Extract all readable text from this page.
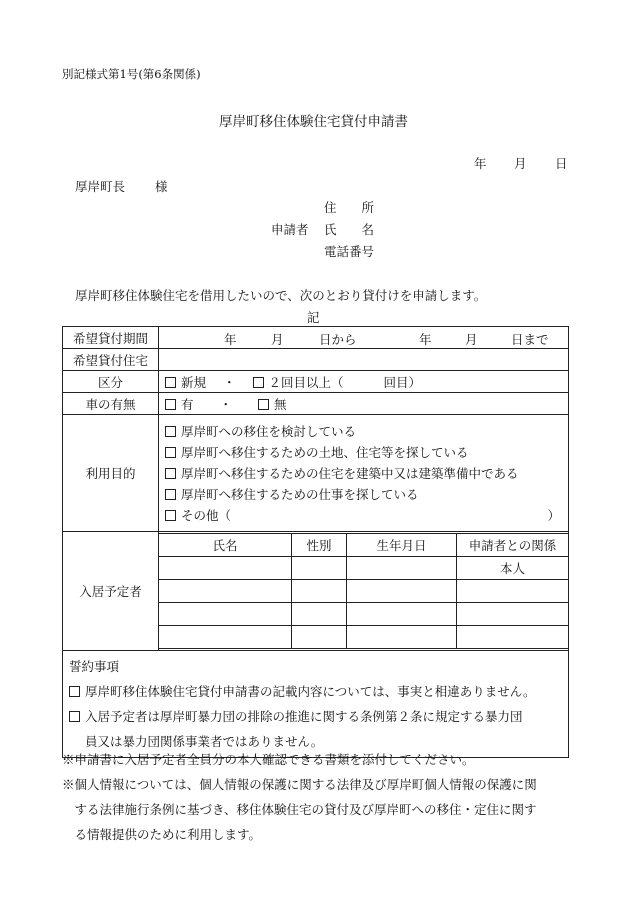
別記様式第1号(第6条関係)
厚岸町移住体験住宅貸付申請書
年 月 日
厚岸町長 様
住　　所
申請者 氏　　名
電話番号
厚岸町移住体験住宅を借用したいので、次のとおり貸付けを申請します。
記
希望貸付期間	年	月	日から	年	月	日まで

希望貸付住宅	
区分	新規 ・	２回目以上（	回目）
車の有無	有 ・	無
利用目的	
厚岸町への移住を検討している
厚岸町へ移住するための土地、住宅等を探している
厚岸町へ移住するための住宅を建築中又は建築準備中である
厚岸町へ移住するための仕事を探している
その他（	）

入居予定者	
氏名	性別	生年月日	申請者との関係
			本人

誓約事項
厚岸町移住体験住宅貸付申請書の記載内容については、事実と相違ありません。
入居予定者は厚岸町暴力団の排除の推進に関する条例第２条に規定する暴力団
員又は暴力団関係事業者ではありません。
※申請書に入居予定者全員分の本人確認できる書類を添付してください。
※個人情報については、個人情報の保護に関する法律及び厚岸町個人情報の保護に関
　する法律施行条例に基づき、移住体験住宅の貸付及び厚岸町への移住・定住に関す
　る情報提供のために利用します。
